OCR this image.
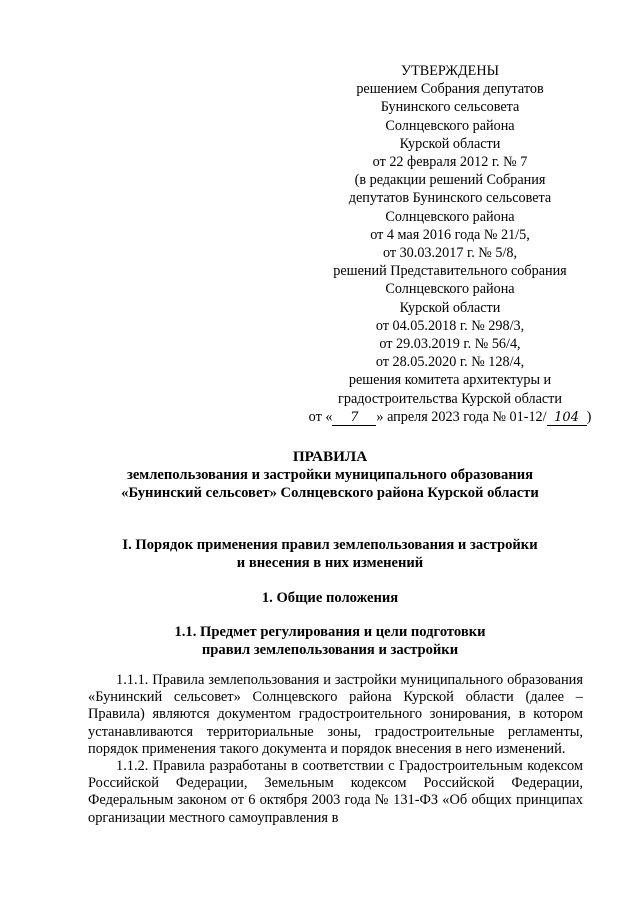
УТВЕРЖДЕНЫ
решением Собрания депутатов
Бунинского сельсовета
Солнцевского района
Курской области
от 22 февраля 2012 г. № 7
(в редакции решений Собрания
депутатов Бунинского сельсовета
Солнцевского района
от 4 мая 2016 года № 21/5,
от 30.03.2017 г. № 5/8,
решений Представительного собрания
Солнцевского района
Курской области
от 04.05.2018 г. № 298/3,
от 29.03.2019 г. № 56/4,
от 28.05.2020 г. № 128/4,
решения комитета архитектуры и
градостроительства Курской области
от « 7 » апреля 2023 года № 01-12/ 104 )
ПРАВИЛА
землепользования и застройки муниципального образования
«Бунинский сельсовет» Солнцевского района Курской области
I. Порядок применения правил землепользования и застройки
и внесения в них изменений
1. Общие положения
1.1. Предмет регулирования и цели подготовки
правил землепользования и застройки

1.1.1. Правила землепользования и застройки муниципального образования «Бунинский сельсовет» Солнцевского района Курской области (далее – Правила) являются документом градостроительного зонирования, в котором устанавливаются территориальные зоны, градостроительные регламенты, порядок применения такого документа и порядок внесения в него изменений.

1.1.2. Правила разработаны в соответствии с Градостроительным кодексом Российской Федерации, Земельным кодексом Российской Федерации, Федеральным законом от 6 октября 2003 года № 131-ФЗ «Об общих принципах организации местного самоуправления в
